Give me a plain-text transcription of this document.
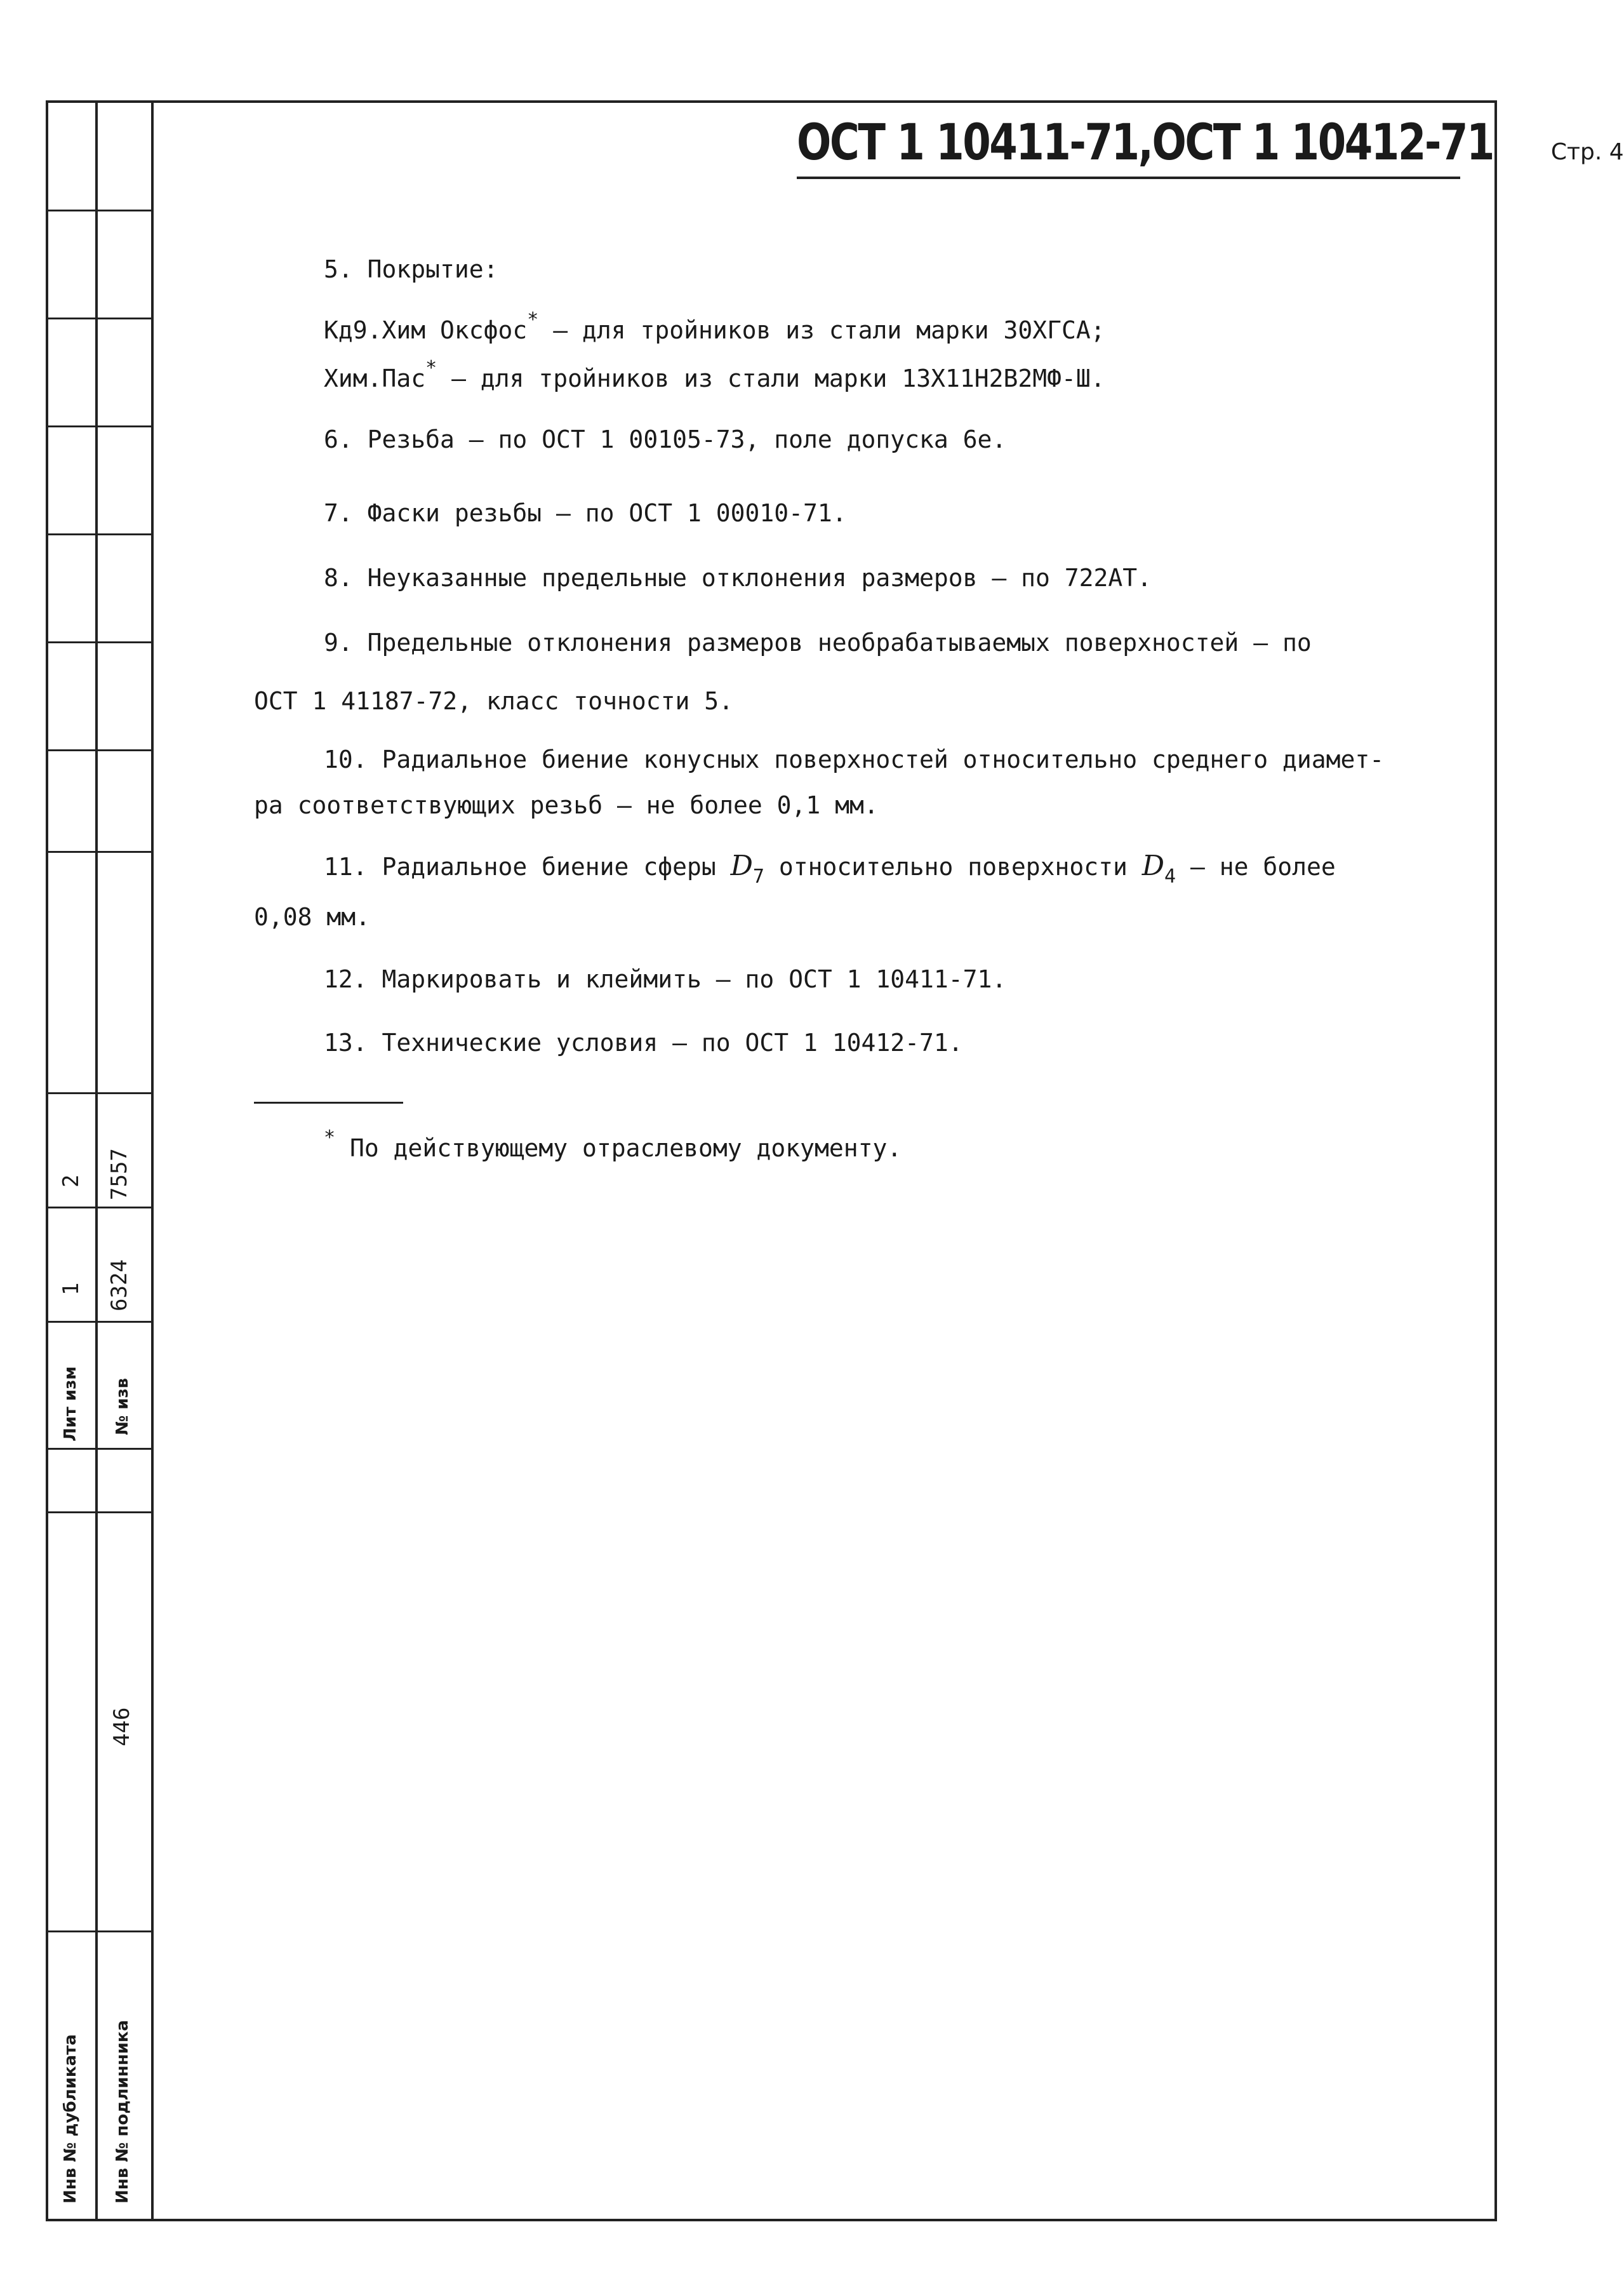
2 7557
1 6324
Лит изм № изв
446
Инв № дубликата Инв № подлинника
ОСТ 1 10411-71,ОСТ 1 10412-71	Стр. 4
5. Покрытие:
Кд9.Хим Оксфос* – для тройников из стали марки 30ХГСА;
Хим.Пас* – для тройников из стали марки 13Х11Н2В2МФ-Ш.
6. Резьба – по ОСТ 1 00105-73, поле допуска 6е.
7. Фаски резьбы – по ОСТ 1 00010-71.
8. Неуказанные предельные отклонения размеров – по 722АТ.
9. Предельные отклонения размеров необрабатываемых поверхностей – по
ОСТ 1 41187-72, класс точности 5.
10. Радиальное биение конусных поверхностей относительно среднего диамет-
ра соответствующих резьб – не более 0,1 мм.
11. Радиальное биение сферы $D_7$ относительно поверхности $D_4$ – не более
0,08 мм.
12. Маркировать и клеймить – по ОСТ 1 10411-71.
13. Технические условия – по ОСТ 1 10412-71.
* По действующему отраслевому документу.
